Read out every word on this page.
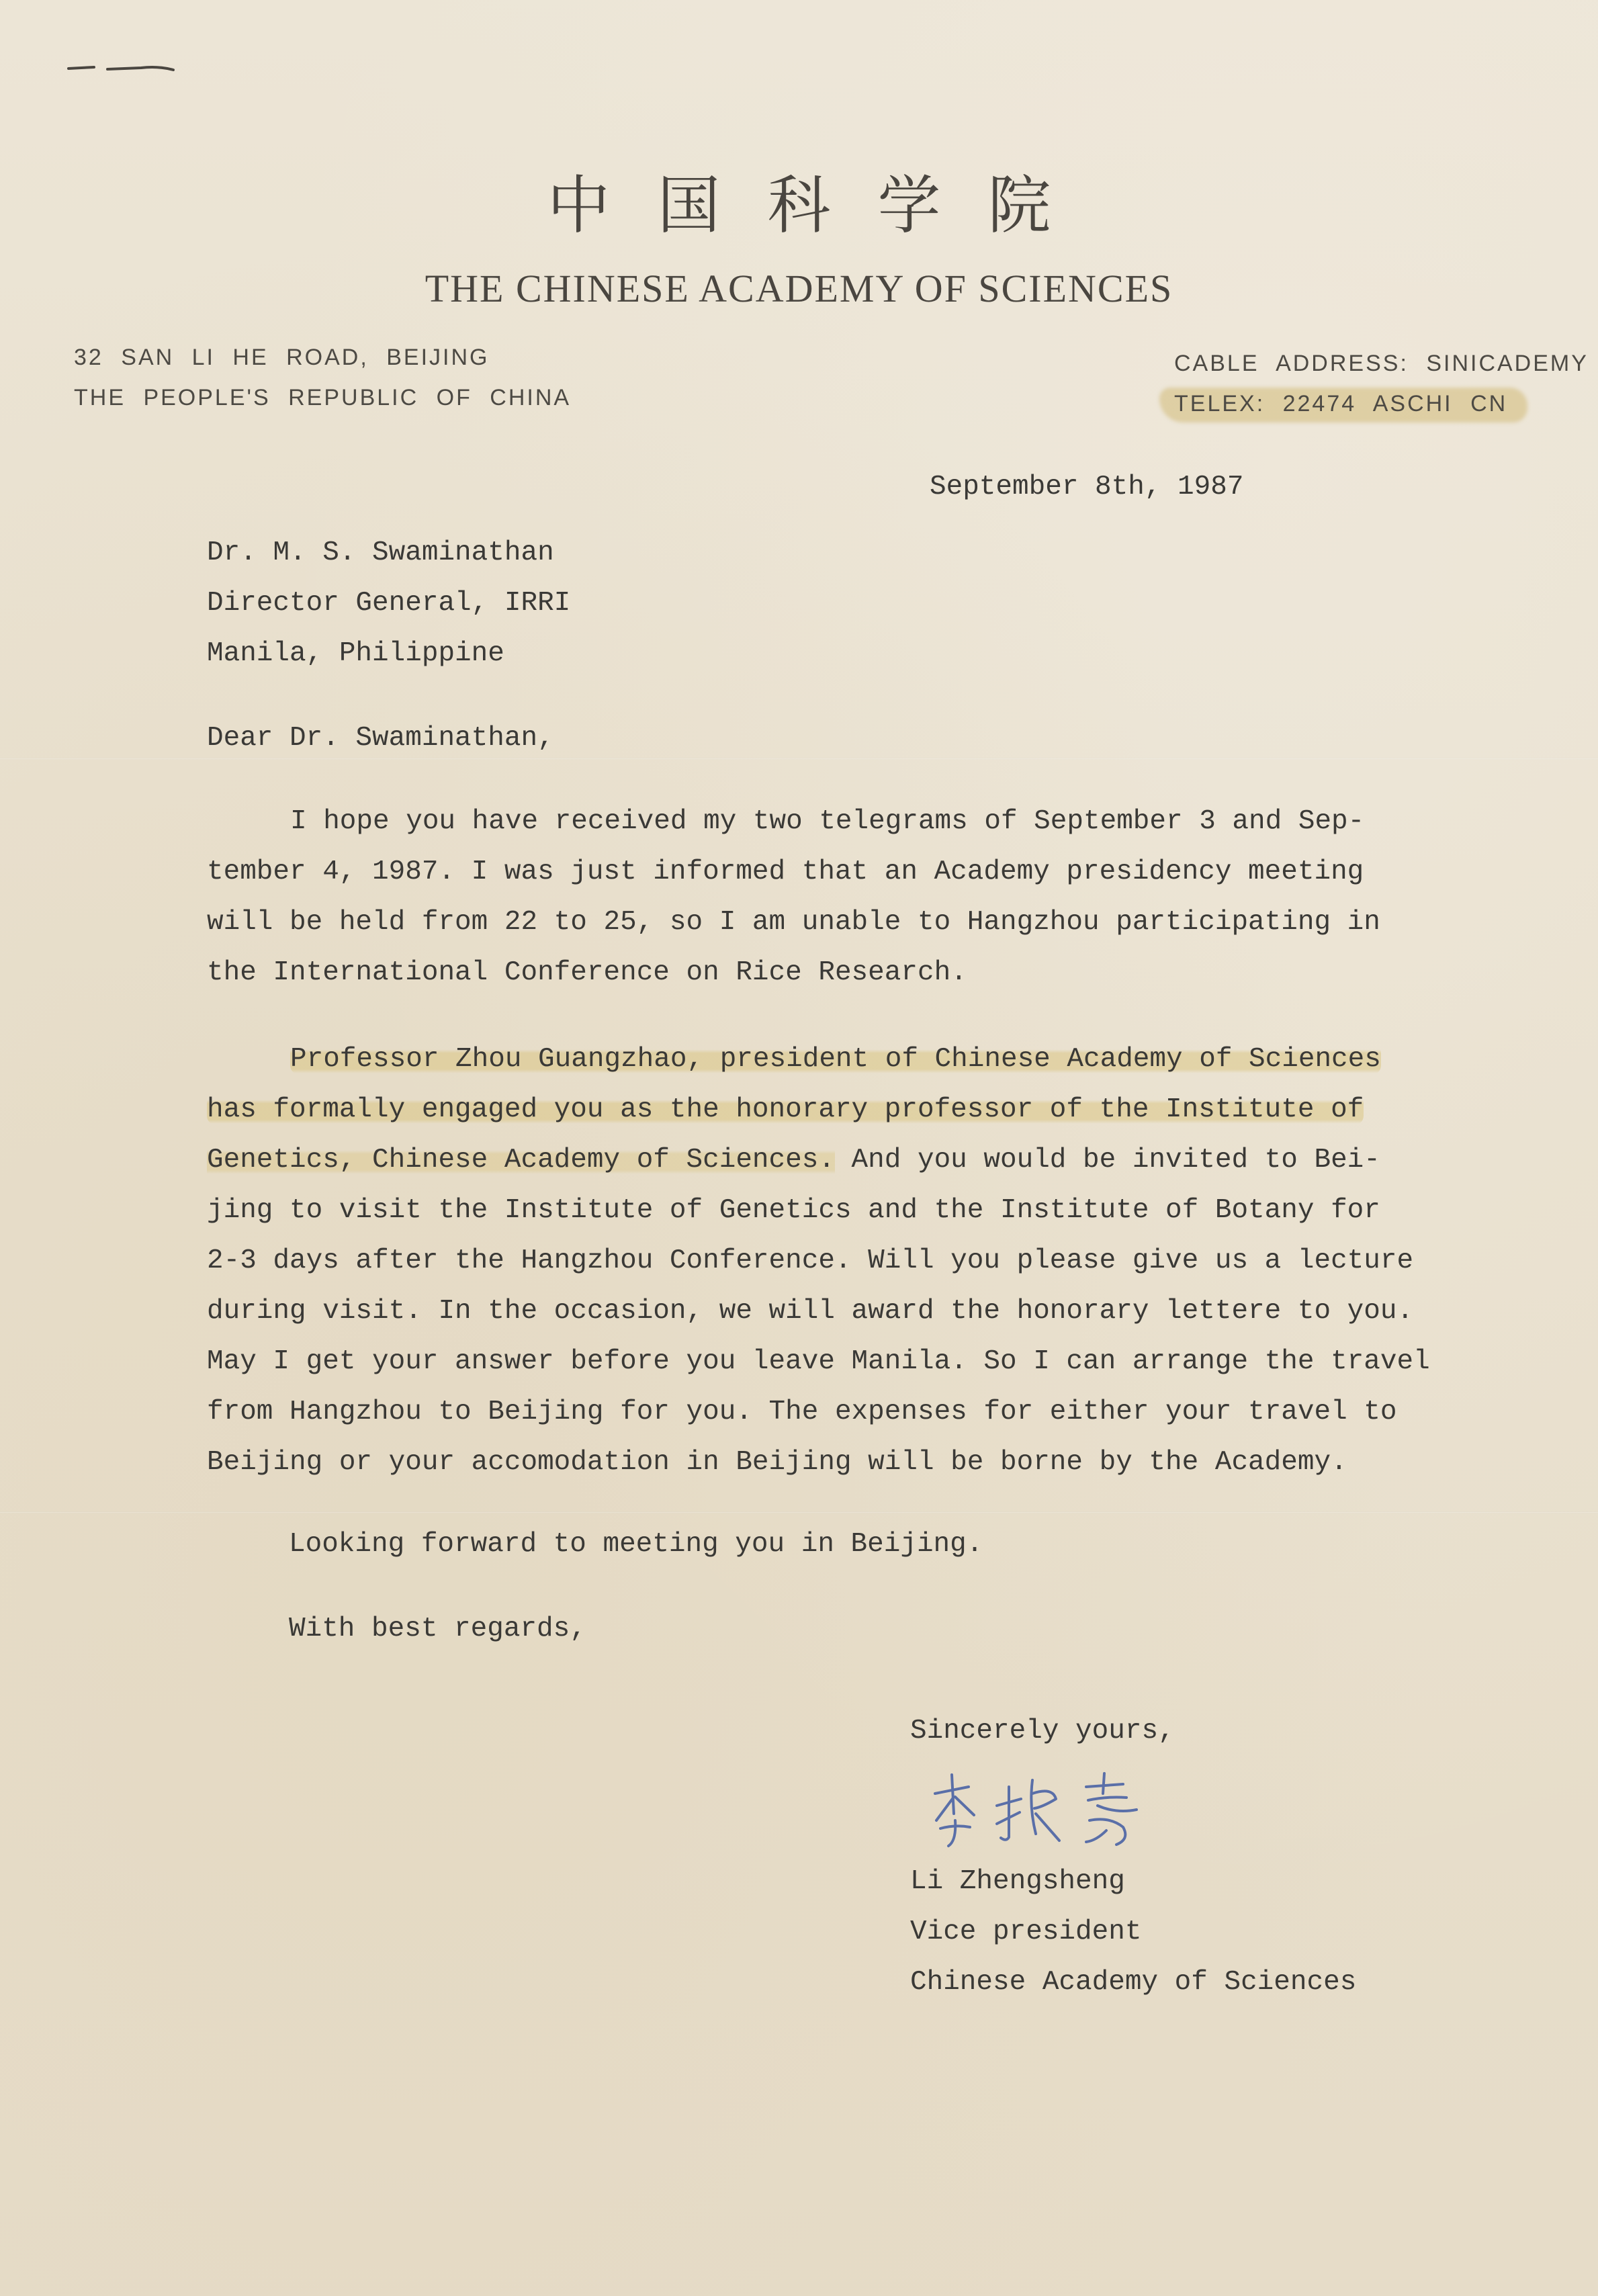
中国科学院
THE CHINESE ACADEMY OF SCIENCES
32 SAN LI HE ROAD, BEIJING
THE PEOPLE'S REPUBLIC OF CHINA
CABLE ADDRESS: SINICADEMY
TELEX: 22474 ASCHI CN
September 8th, 1987
Dr. M. S. Swaminathan
Director General, IRRI
Manila, Philippine
Dear Dr. Swaminathan,
I hope you have received my two telegrams of September 3 and Sep-
tember 4, 1987. I was just informed that an Academy presidency meeting
will be held from 22 to 25, so I am unable to Hangzhou participating in
the International Conference on Rice Research.
Professor Zhou Guangzhao, president of Chinese Academy of Sciences
has formally engaged you as the honorary professor of the Institute of
Genetics, Chinese Academy of Sciences. And you would be invited to Bei-
jing to visit the Institute of Genetics and the Institute of Botany for
2-3 days after the Hangzhou Conference. Will you please give us a lecture
during visit. In the occasion, we will award the honorary lettere to you.
May I get your answer before you leave Manila. So I can arrange the travel
from Hangzhou to Beijing for you. The expenses for either your travel to
Beijing or your accomodation in Beijing will be borne by the Academy.
Looking forward to meeting you in Beijing.
With best regards,
Sincerely yours,
Li Zhengsheng
Vice president
Chinese Academy of Sciences
